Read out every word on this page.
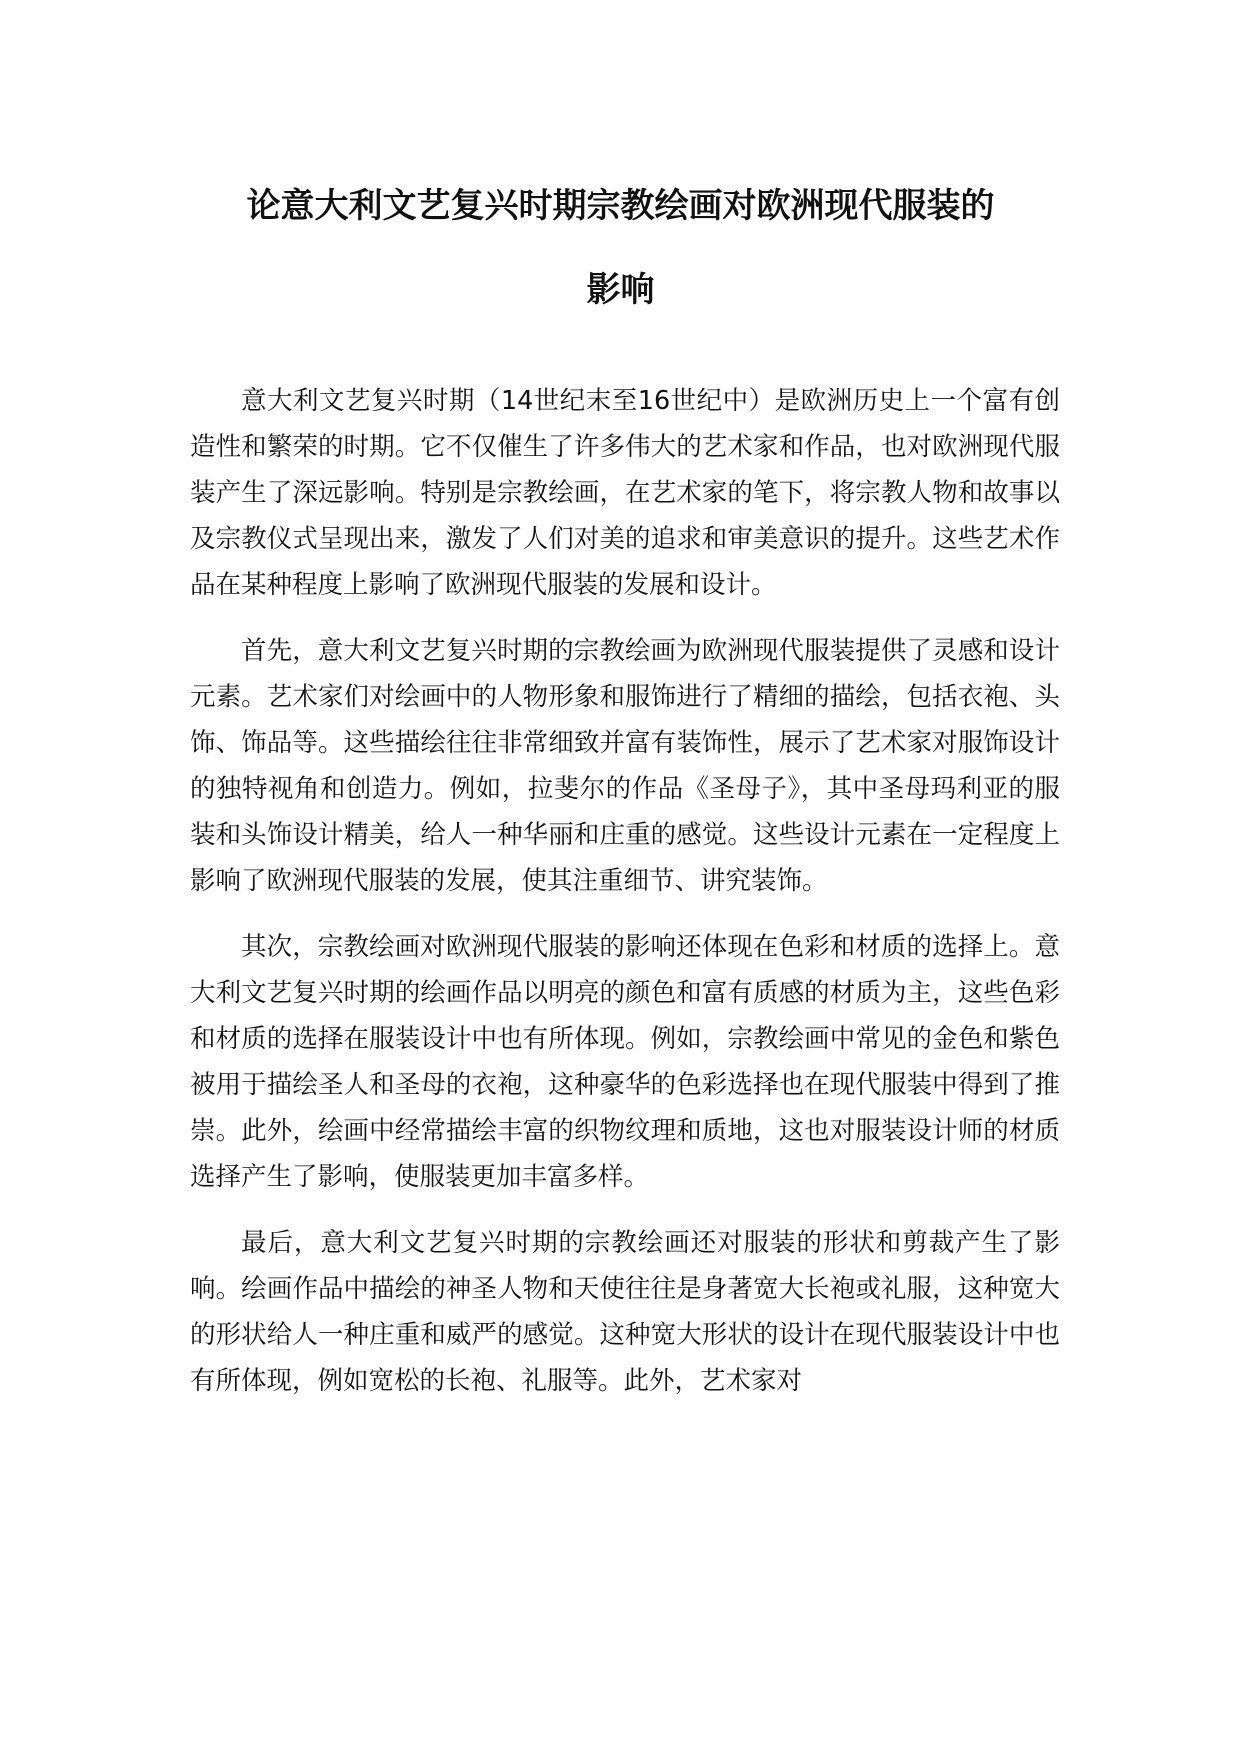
论意大利文艺复兴时期宗教绘画对欧洲现代服装的
影响

意大利文艺复兴时期（14世纪末至16世纪中）是欧洲历史上一个富有创造性和繁荣的时期。它不仅催生了许多伟大的艺术家和作品，也对欧洲现代服装产生了深远影响。特别是宗教绘画，在艺术家的笔下，将宗教人物和故事以及宗教仪式呈现出来，激发了人们对美的追求和审美意识的提升。这些艺术作品在某种程度上影响了欧洲现代服装的发展和设计。

首先，意大利文艺复兴时期的宗教绘画为欧洲现代服装提供了灵感和设计元素。艺术家们对绘画中的人物形象和服饰进行了精细的描绘，包括衣袍、头饰、饰品等。这些描绘往往非常细致并富有装饰性，展示了艺术家对服饰设计的独特视角和创造力。例如，拉斐尔的作品《圣母子》，其中圣母玛利亚的服装和头饰设计精美，给人一种华丽和庄重的感觉。这些设计元素在一定程度上影响了欧洲现代服装的发展，使其注重细节、讲究装饰。

其次，宗教绘画对欧洲现代服装的影响还体现在色彩和材质的选择上。意大利文艺复兴时期的绘画作品以明亮的颜色和富有质感的材质为主，这些色彩和材质的选择在服装设计中也有所体现。例如，宗教绘画中常见的金色和紫色被用于描绘圣人和圣母的衣袍，这种豪华的色彩选择也在现代服装中得到了推崇。此外，绘画中经常描绘丰富的织物纹理和质地，这也对服装设计师的材质选择产生了影响，使服装更加丰富多样。

最后，意大利文艺复兴时期的宗教绘画还对服装的形状和剪裁产生了影响。绘画作品中描绘的神圣人物和天使往往是身著宽大长袍或礼服，这种宽大的形状给人一种庄重和威严的感觉。这种宽大形状的设计在现代服装设计中也有所体现，例如宽松的长袍、礼服等。此外，艺术家对
